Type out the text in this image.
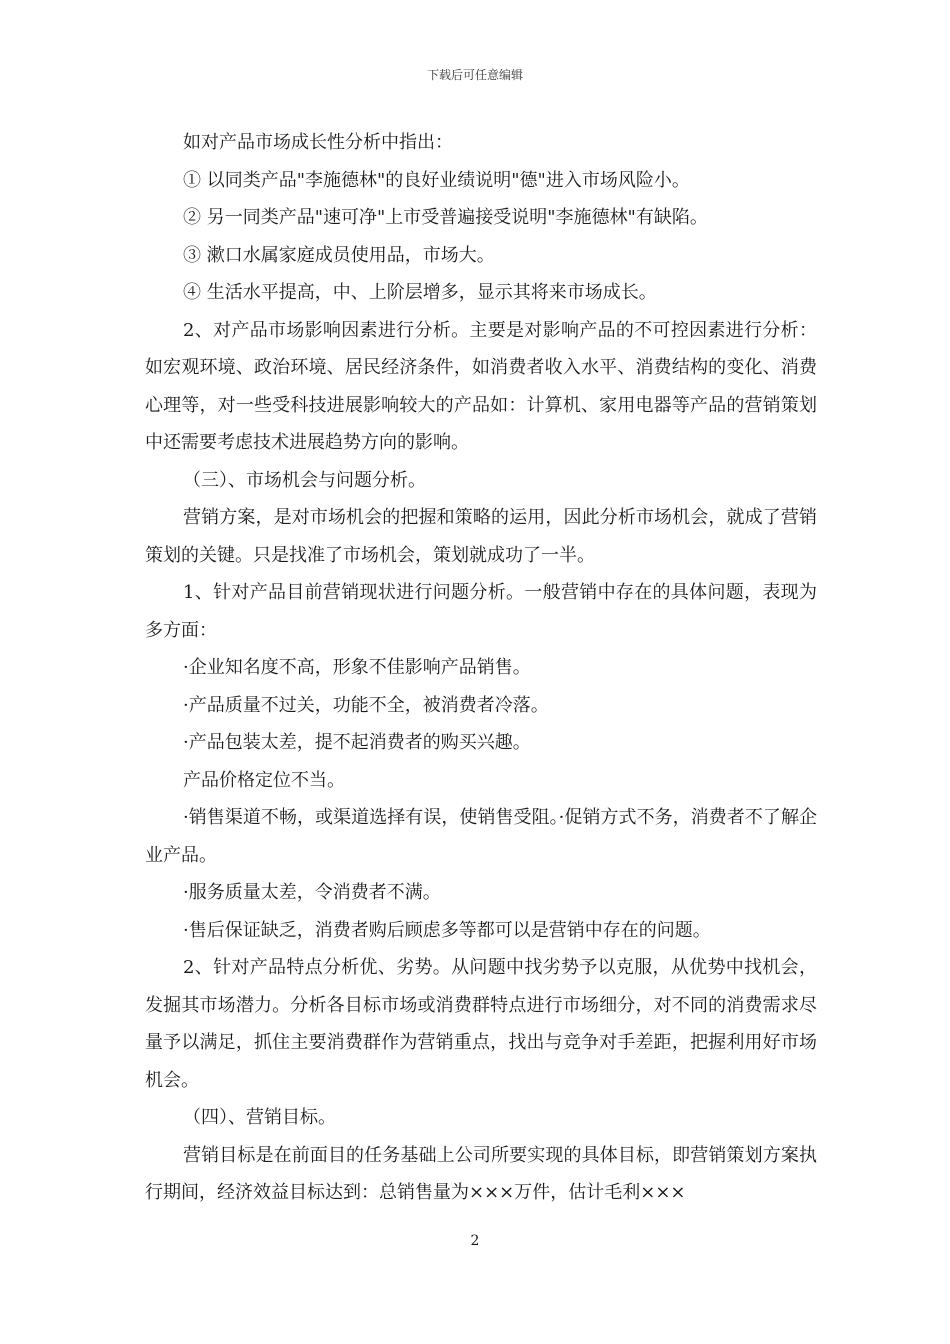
下载后可任意编辑

如对产品市场成长性分析中指出：

① 以同类产品"李施德林"的良好业绩说明"德"进入市场风险小。

② 另一同类产品"速可净"上市受普遍接受说明"李施德林"有缺陷。

③ 漱口水属家庭成员使用品，市场大。

④ 生活水平提高，中、上阶层增多，显示其将来市场成长。

2、对产品市场影响因素进行分析。主要是对影响产品的不可控因素进行分析：如宏观环境、政治环境、居民经济条件，如消费者收入水平、消费结构的变化、消费心理等，对一些受科技进展影响较大的产品如：计算机、家用电器等产品的营销策划中还需要考虑技术进展趋势方向的影响。

（三）、市场机会与问题分析。

营销方案，是对市场机会的把握和策略的运用，因此分析市场机会，就成了营销策划的关键。只是找准了市场机会，策划就成功了一半。

1、针对产品目前营销现状进行问题分析。一般营销中存在的具体问题，表现为多方面：

·企业知名度不高，形象不佳影响产品销售。

·产品质量不过关，功能不全，被消费者冷落。

·产品包装太差，提不起消费者的购买兴趣。

产品价格定位不当。

·销售渠道不畅，或渠道选择有误，使销售受阻。·促销方式不务，消费者不了解企业产品。

·服务质量太差，令消费者不满。

·售后保证缺乏，消费者购后顾虑多等都可以是营销中存在的问题。

2、针对产品特点分析优、劣势。从问题中找劣势予以克服，从优势中找机会，发掘其市场潜力。分析各目标市场或消费群特点进行市场细分，对不同的消费需求尽量予以满足，抓住主要消费群作为营销重点，找出与竞争对手差距，把握利用好市场机会。

（四）、营销目标。

营销目标是在前面目的任务基础上公司所要实现的具体目标，即营销策划方案执行期间，经济效益目标达到：总销售量为×××万件，估计毛利×××

2
